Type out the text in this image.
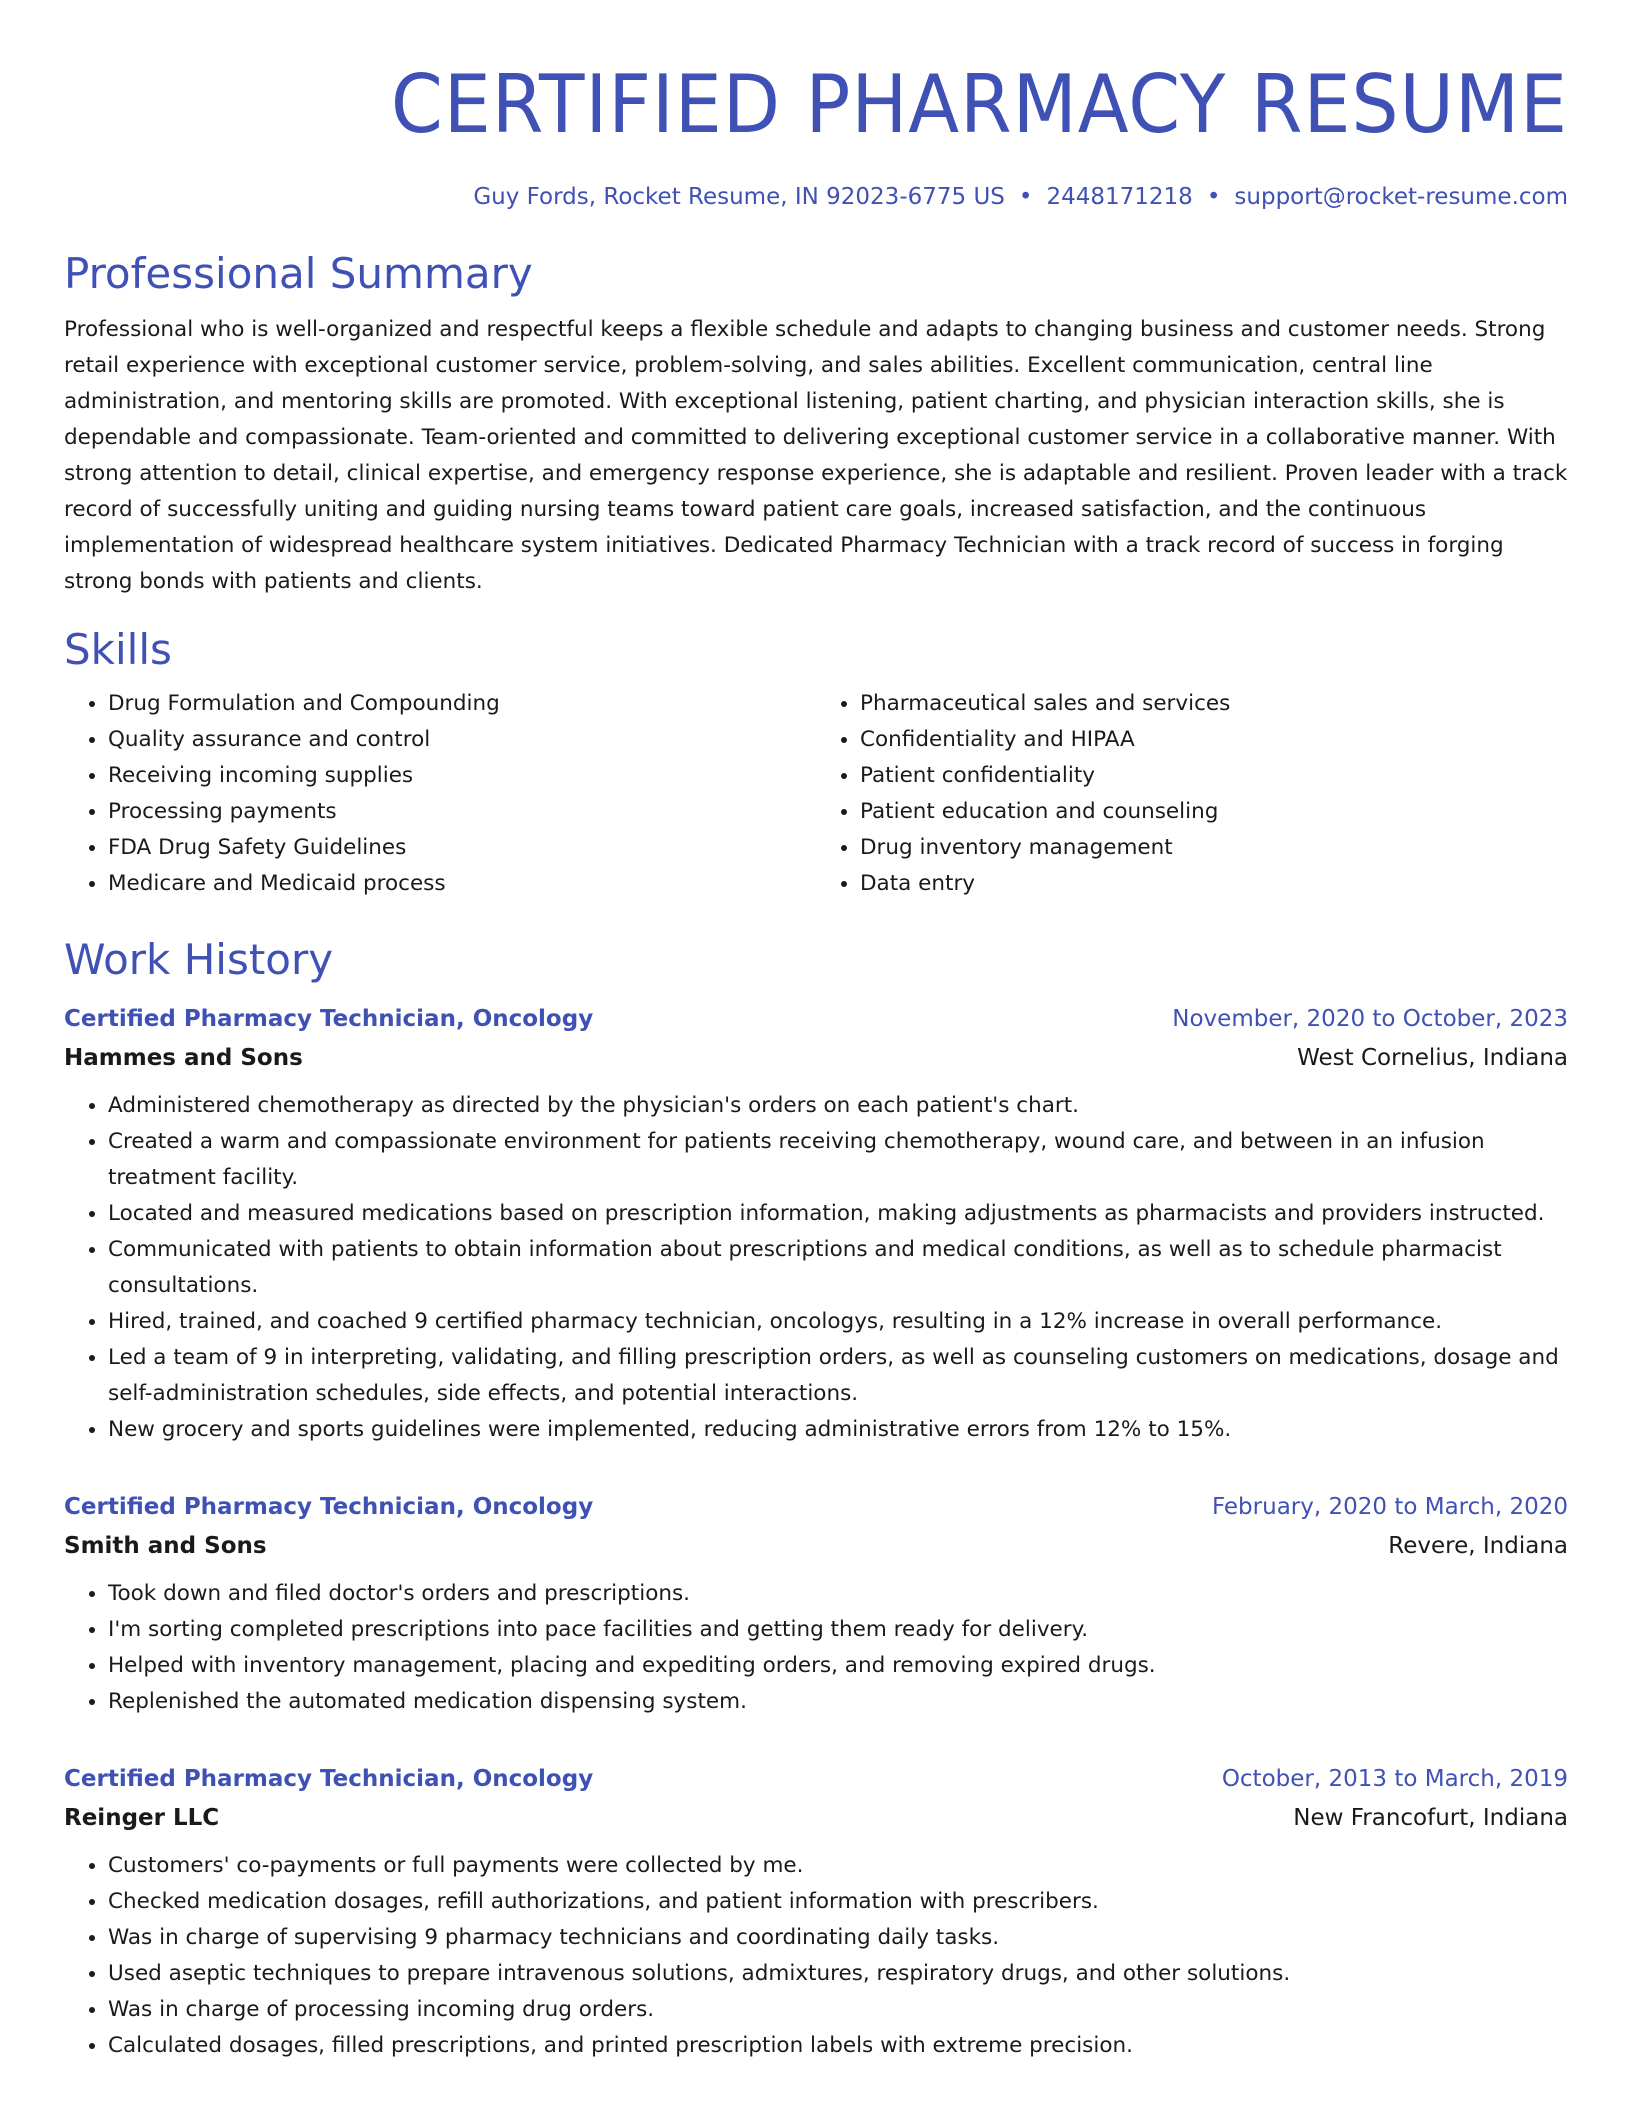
CERTIFIED PHARMACY RESUME
Guy Fords, Rocket Resume, IN 92023-6775 US • 2448171218 • support@rocket-resume.com
Professional Summary

Professional who is well-organized and respectful keeps a flexible schedule and adapts to changing business and customer needs. Strong retail experience with exceptional customer service, problem-solving, and sales abilities. Excellent communication, central line administration, and mentoring skills are promoted. With exceptional listening, patient charting, and physician interaction skills, she is dependable and compassionate. Team-oriented and committed to delivering exceptional customer service in a collaborative manner. With strong attention to detail, clinical expertise, and emergency response experience, she is adaptable and resilient. Proven leader with a track record of successfully uniting and guiding nursing teams toward patient care goals, increased satisfaction, and the continuous implementation of widespread healthcare system initiatives. Dedicated Pharmacy Technician with a track record of success in forging strong bonds with patients and clients.

Skills
• Drug Formulation and Compounding
• Quality assurance and control
• Receiving incoming supplies
• Processing payments
• FDA Drug Safety Guidelines
• Medicare and Medicaid process
• Pharmaceutical sales and services
• Confidentiality and HIPAA
• Patient confidentiality
• Patient education and counseling
• Drug inventory management
• Data entry
Work History
Certified Pharmacy Technician, Oncology	November, 2020 to October, 2023
Hammes and Sons	West Cornelius, Indiana
• Administered chemotherapy as directed by the physician's orders on each patient's chart.
• Created a warm and compassionate environment for patients receiving chemotherapy, wound care, and between in an infusion treatment facility.
• Located and measured medications based on prescription information, making adjustments as pharmacists and providers instructed.
• Communicated with patients to obtain information about prescriptions and medical conditions, as well as to schedule pharmacist consultations.
• Hired, trained, and coached 9 certified pharmacy technician, oncologys, resulting in a 12% increase in overall performance.
• Led a team of 9 in interpreting, validating, and filling prescription orders, as well as counseling customers on medications, dosage and self-administration schedules, side effects, and potential interactions.
• New grocery and sports guidelines were implemented, reducing administrative errors from 12% to 15%.
Certified Pharmacy Technician, Oncology	February, 2020 to March, 2020
Smith and Sons	Revere, Indiana
• Took down and filed doctor's orders and prescriptions.
• I'm sorting completed prescriptions into pace facilities and getting them ready for delivery.
• Helped with inventory management, placing and expediting orders, and removing expired drugs.
• Replenished the automated medication dispensing system.
Certified Pharmacy Technician, Oncology	October, 2013 to March, 2019
Reinger LLC	New Francofurt, Indiana
• Customers' co-payments or full payments were collected by me.
• Checked medication dosages, refill authorizations, and patient information with prescribers.
• Was in charge of supervising 9 pharmacy technicians and coordinating daily tasks.
• Used aseptic techniques to prepare intravenous solutions, admixtures, respiratory drugs, and other solutions.
• Was in charge of processing incoming drug orders.
• Calculated dosages, filled prescriptions, and printed prescription labels with extreme precision.
